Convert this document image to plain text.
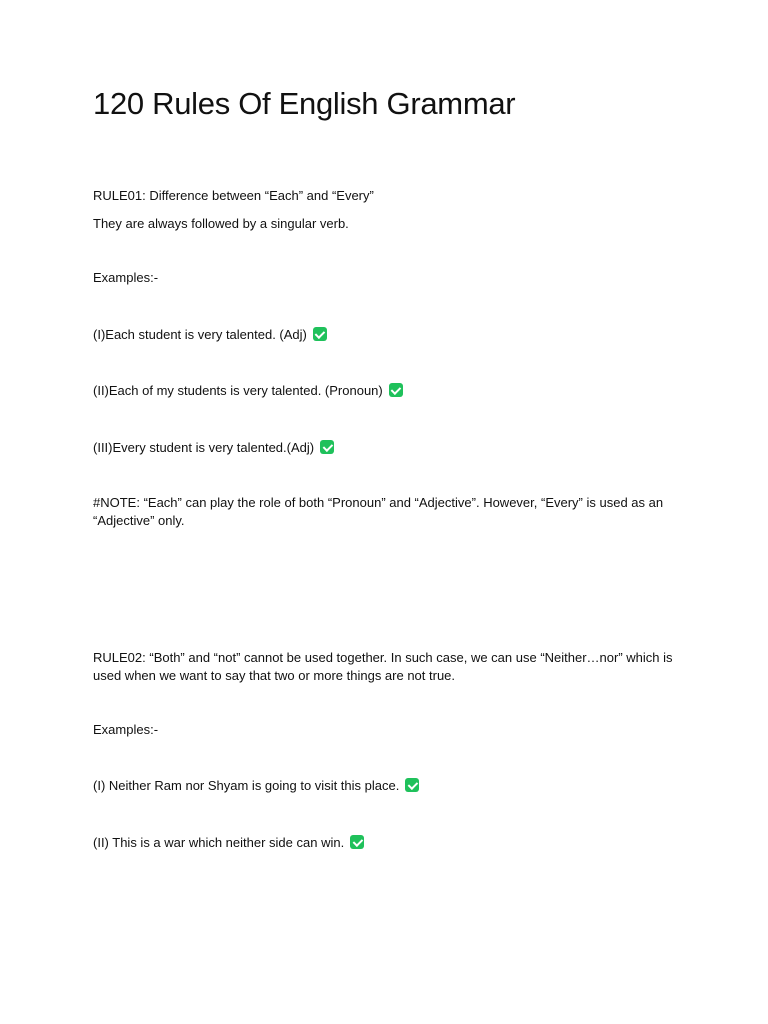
120 Rules Of English Grammar
RULE01: Difference between “Each” and “Every”
They are always followed by a singular verb.
Examples:-
(I)Each student is very talented. (Adj)
(II)Each of my students is very talented. (Pronoun)
(III)Every student is very talented.(Adj)
#NOTE: “Each” can play the role of both “Pronoun” and “Adjective”. However, “Every” is used as an “Adjective” only.
RULE02: “Both” and “not” cannot be used together. In such case, we can use “Neither…nor” which is used when we want to say that two or more things are not true.
Examples:-
(I) Neither Ram nor Shyam is going to visit this place.
(II) This is a war which neither side can win.
